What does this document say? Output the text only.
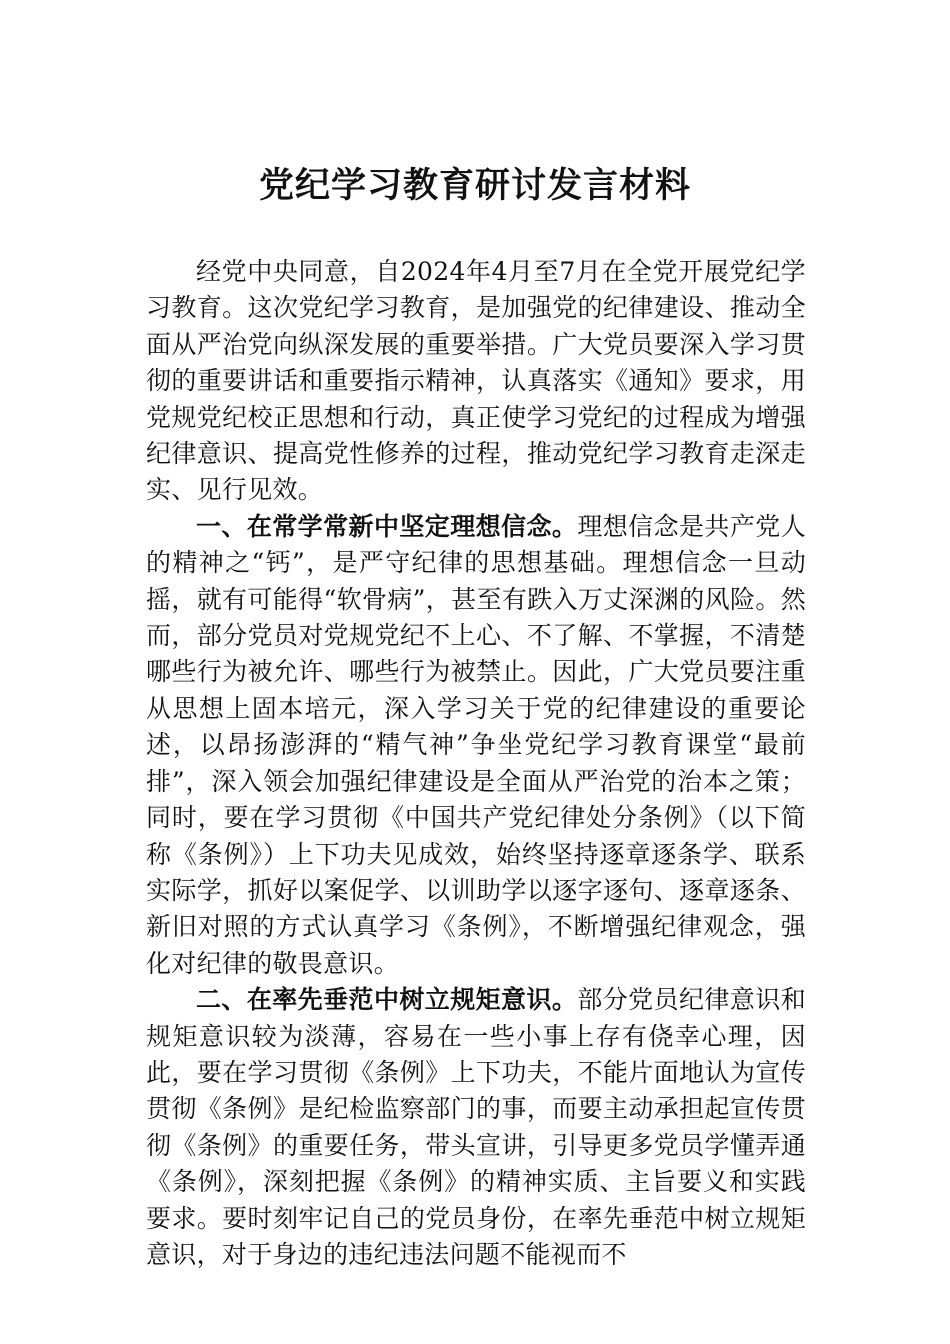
党纪学习教育研讨发言材料

经党中央同意，自2024年4月至7月在全党开展党纪学习教育。这次党纪学习教育，是加强党的纪律建设、推动全面从严治党向纵深发展的重要举措。广大党员要深入学习贯彻的重要讲话和重要指示精神，认真落实《通知》要求，用党规党纪校正思想和行动，真正使学习党纪的过程成为增强纪律意识、提高党性修养的过程，推动党纪学习教育走深走实、见行见效。

一、在常学常新中坚定理想信念。理想信念是共产党人的精神之“钙”，是严守纪律的思想基础。理想信念一旦动摇，就有可能得“软骨病”，甚至有跌入万丈深渊的风险。然而，部分党员对党规党纪不上心、不了解、不掌握，不清楚哪些行为被允许、哪些行为被禁止。因此，广大党员要注重从思想上固本培元，深入学习关于党的纪律建设的重要论述，以昂扬澎湃的“精气神”争坐党纪学习教育课堂“最前排”，深入领会加强纪律建设是全面从严治党的治本之策；同时，要在学习贯彻《中国共产党纪律处分条例》（以下简称《条例》）上下功夫见成效，始终坚持逐章逐条学、联系实际学，抓好以案促学、以训助学以逐字逐句、逐章逐条、新旧对照的方式认真学习《条例》，不断增强纪律观念，强化对纪律的敬畏意识。

二、在率先垂范中树立规矩意识。部分党员纪律意识和规矩意识较为淡薄，容易在一些小事上存有侥幸心理，因此，要在学习贯彻《条例》上下功夫，不能片面地认为宣传贯彻《条例》是纪检监察部门的事，而要主动承担起宣传贯彻《条例》的重要任务，带头宣讲，引导更多党员学懂弄通《条例》，深刻把握《条例》的精神实质、主旨要义和实践要求。要时刻牢记自己的党员身份，在率先垂范中树立规矩意识，对于身边的违纪违法问题不能视而不
